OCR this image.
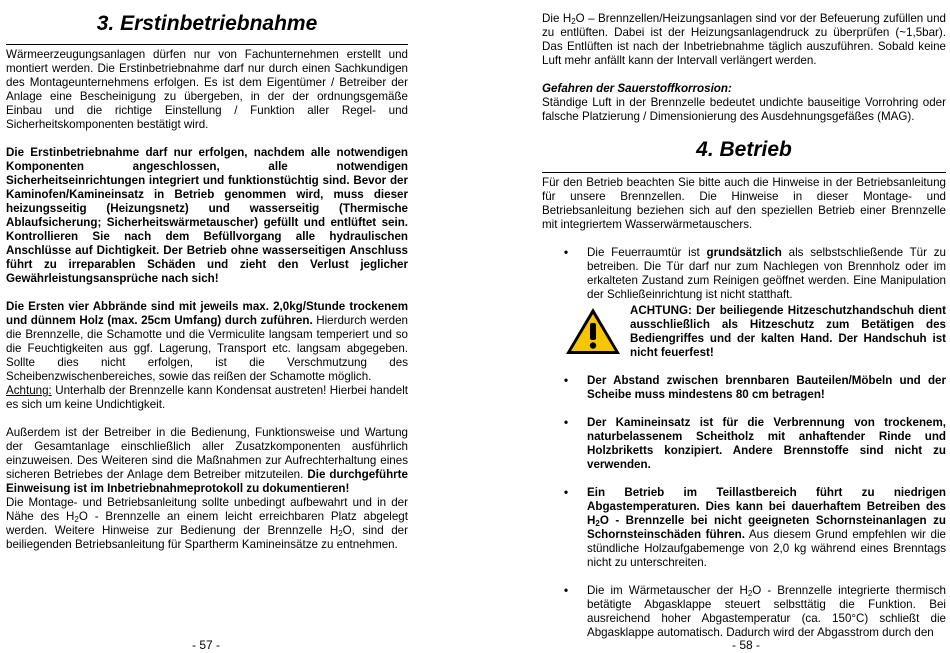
3. Erstinbetriebnahme

Wärmeerzeugungsanlagen dürfen nur von Fachunternehmen erstellt und montiert werden. Die Erstinbetriebnahme darf nur durch einen Sachkundigen des Montageunternehmens erfolgen. Es ist dem Eigentümer / Betreiber der Anlage eine Bescheinigung zu übergeben, in der der ordnungsgemäße Einbau und die richtige Einstellung / Funktion aller Regel- und Sicherheitskomponenten bestätigt wird.

Die Erstinbetriebnahme darf nur erfolgen, nachdem alle notwendigen Komponenten angeschlossen, alle notwendigen Sicherheitseinrichtungen integriert und funktionstüchtig sind. Bevor der Kaminofen/Kamineinsatz in Betrieb genommen wird, muss dieser heizungsseitig (Heizungsnetz) und wasserseitig (Thermische Ablaufsicherung; Sicherheitswärmetauscher) gefüllt und entlüftet sein. Kontrollieren Sie nach dem Befüllvorgang alle hydraulischen Anschlüsse auf Dichtigkeit. Der Betrieb ohne wasserseitigen Anschluss führt zu irreparablen Schäden und zieht den Verlust jeglicher Gewährleistungsansprüche nach sich!

Die Ersten vier Abbrände sind mit jeweils max. 2,0kg/Stunde trockenem und dünnem Holz (max. 25cm Umfang) durch zuführen. Hierdurch werden die Brennzelle, die Schamotte und die Vermiculite langsam temperiert und so die Feuchtigkeiten aus ggf. Lagerung, Transport etc. langsam abgegeben. Sollte dies nicht erfolgen, ist die Verschmutzung des Scheibenzwischenbereiches, sowie das reißen der Schamotte möglich.
Achtung: Unterhalb der Brennzelle kann Kondensat austreten! Hierbei handelt es sich um keine Undichtigkeit.

Außerdem ist der Betreiber in die Bedienung, Funktionsweise und Wartung der Gesamtanlage einschließlich aller Zusatzkomponenten ausführlich einzuweisen. Des Weiteren sind die Maßnahmen zur Aufrechterhaltung eines sicheren Betriebes der Anlage dem Betreiber mitzuteilen. Die durchgeführte Einweisung ist im Inbetriebnahmeprotokoll zu dokumentieren!

Die Montage- und Betriebsanleitung sollte unbedingt aufbewahrt und in der Nähe des $H_2O$ - Brennzelle an einem leicht erreichbaren Platz abgelegt werden. Weitere Hinweise zur Bedienung der Brennzelle $H_2O$, sind der beiliegenden Betriebsanleitung für Spartherm Kamineinsätze zu entnehmen.

- 57 -

Die $H_2O$ – Brennzellen/Heizungsanlagen sind vor der Befeuerung zufüllen und zu entlüften. Dabei ist der Heizungsanlagendruck zu überprüfen (~1,5bar). Das Entlüften ist nach der Inbetriebnahme täglich auszuführen. Sobald keine Luft mehr anfällt kann der Intervall verlängert werden.

Gefahren der Sauerstoffkorrosion:

Ständige Luft in der Brennzelle bedeutet undichte bauseitige Vorrohring oder falsche Platzierung / Dimensionierung des Ausdehnungsgefäßes (MAG).

4. Betrieb

Für den Betrieb beachten Sie bitte auch die Hinweise in der Betriebsanleitung für unsere Brennzellen. Die Hinweise in dieser Montage- und Betriebsanleitung beziehen sich auf den speziellen Betrieb einer Brennzelle mit integriertem Wasserwärmetauschers.

• Die Feuerraumtür ist grundsätzlich als selbstschließende Tür zu betreiben. Die Tür darf nur zum Nachlegen von Brennholz oder im erkalteten Zustand zum Reinigen geöffnet werden. Eine Manipulation der Schließeinrichtung ist nicht statthaft.

ACHTUNG: Der beiliegende Hitzeschutzhandschuh dient ausschließlich als Hitzeschutz zum Betätigen des Bediengriffes und der kalten Hand. Der Handschuh ist nicht feuerfest!

• Der Abstand zwischen brennbaren Bauteilen/Möbeln und der Scheibe muss mindestens 80 cm betragen!
• Der Kamineinsatz ist für die Verbrennung von trockenem, naturbelassenem Scheitholz mit anhaftender Rinde und Holzbriketts konzipiert. Andere Brennstoffe sind nicht zu verwenden.
• Ein Betrieb im Teillastbereich führt zu niedrigen Abgastemperaturen. Dies kann bei dauerhaftem Betreiben des $H_2O$ - Brennzelle bei nicht geeigneten Schornsteinanlagen zu Schornsteinschäden führen. Aus diesem Grund empfehlen wir die stündliche Holzaufgabemenge von 2,0 kg während eines Brenntags nicht zu unterschreiten.
• Die im Wärmetauscher der $H_2O$ - Brennzelle integrierte thermisch betätigte Abgasklappe steuert selbsttätig die Funktion. Bei ausreichend hoher Abgastemperatur (ca. 150°C) schließt die Abgasklappe automatisch. Dadurch wird der Abgasstrom durch den
- 58 -
